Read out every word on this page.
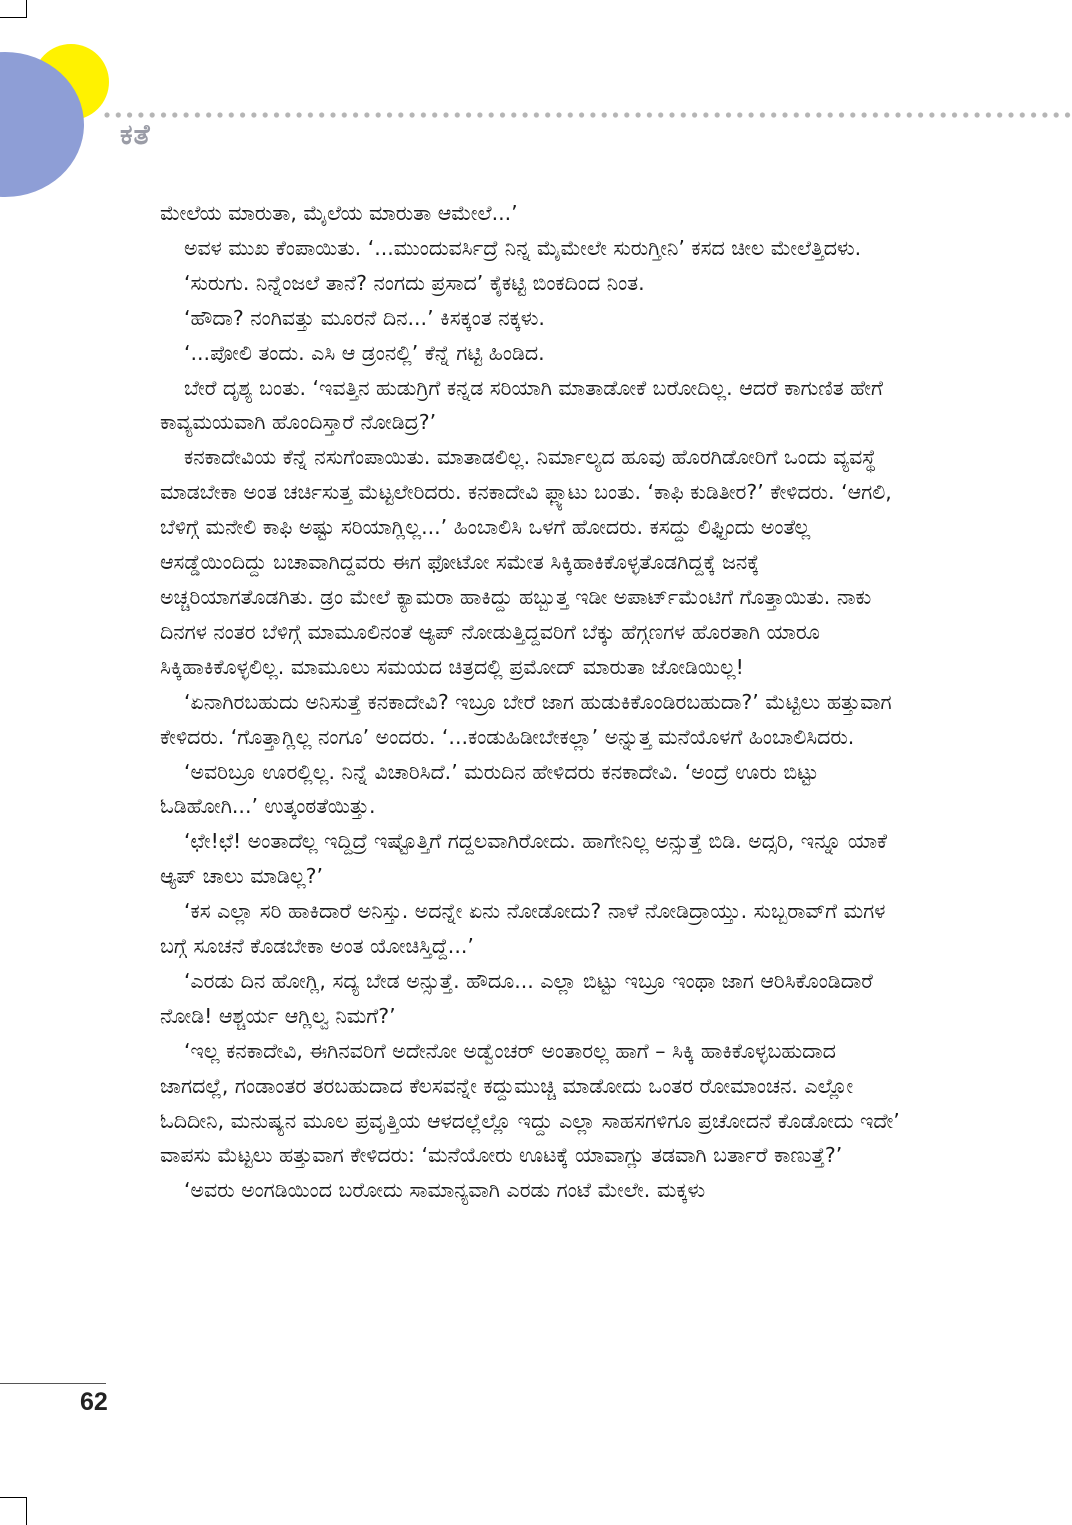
ಕತೆ

ಮೇಲೆಯ ಮಾರುತಾ, ಮೈಲೆಯ ಮಾರುತಾ ಆಮೇಲೆ...’

ಅವಳ ಮುಖ ಕೆಂಪಾಯಿತು. ‘...ಮುಂದುವರ್ಸಿದ್ರೆ ನಿನ್ನ ಮೈಮೇಲೇ ಸುರುಗ್ತೀನಿ’ ಕಸದ ಚೀಲ ಮೇಲೆತ್ತಿದಳು.

‘ಸುರುಗು. ನಿನ್ನೆಂಜಲೆ ತಾನೆ? ನಂಗದು ಪ್ರಸಾದ’ ಕೈಕಟ್ಟಿ ಬಿಂಕದಿಂದ ನಿಂತ.

‘ಹೌದಾ? ನಂಗಿವತ್ತು ಮೂರನೆ ದಿನ...’ ಕಿಸಕ್ಕಂತ ನಕ್ಕಳು.

‘...ಪೋಲಿ ತಂದು. ಎಸಿ ಆ ಡ್ರಂನಲ್ಲಿ’ ಕೆನ್ನೆ ಗಟ್ಟಿ ಹಿಂಡಿದ.

ಬೇರೆ ದೃಶ್ಯ ಬಂತು. ‘ಇವತ್ತಿನ ಹುಡುಗ್ರಿಗೆ ಕನ್ನಡ ಸರಿಯಾಗಿ ಮಾತಾಡೋಕೆ ಬರೋದಿಲ್ಲ. ಆದರೆ ಕಾಗುಣಿತ ಹೇಗೆ ಕಾವ್ಯಮಯವಾಗಿ ಹೊಂದಿಸ್ತಾರೆ ನೋಡಿದ್ರ?’

ಕನಕಾದೇವಿಯ ಕೆನ್ನೆ ನಸುಗೆಂಪಾಯಿತು. ಮಾತಾಡಲಿಲ್ಲ. ನಿರ್ಮಾಲ್ಯದ ಹೂವು ಹೊರಗಿಡೋರಿಗೆ ಒಂದು ವ್ಯವಸ್ಥೆ ಮಾಡಬೇಕಾ ಅಂತ ಚರ್ಚಿಸುತ್ತ ಮೆಟ್ಟಲೇರಿದರು. ಕನಕಾದೇವಿ ಫ್ಲ್ಯಾಟು ಬಂತು. ‘ಕಾಫಿ ಕುಡಿತೀರ?’ ಕೇಳಿದರು. ‘ಆಗಲಿ, ಬೆಳಿಗ್ಗೆ ಮನೇಲಿ ಕಾಫಿ ಅಷ್ಟು ಸರಿಯಾಗ್ಲಿಲ್ಲ...’ ಹಿಂಬಾಲಿಸಿ ಒಳಗೆ ಹೋದರು. ಕಸದ್ದು ಲಿಫ್ಟಿಂದು ಅಂತೆಲ್ಲ ಆಸಡ್ಡೆಯಿಂದಿದ್ದು ಬಚಾವಾಗಿದ್ದವರು ಈಗ ಫೋಟೋ ಸಮೇತ ಸಿಕ್ಕಿಹಾಕಿಕೊಳ್ಳತೊಡಗಿದ್ದಕ್ಕೆ ಜನಕ್ಕೆ ಅಚ್ಚರಿಯಾಗತೊಡಗಿತು. ಡ್ರಂ ಮೇಲೆ ಕ್ಯಾಮರಾ ಹಾಕಿದ್ದು ಹಬ್ಬುತ್ತ ಇಡೀ ಅಪಾರ್ಟ್‌ಮೆಂಟಿಗೆ ಗೊತ್ತಾಯಿತು. ನಾಕು ದಿನಗಳ ನಂತರ ಬೆಳಿಗ್ಗೆ ಮಾಮೂಲಿನಂತೆ ಆ್ಯಪ್ ನೋಡುತ್ತಿದ್ದವರಿಗೆ ಬೆಕ್ಕು ಹೆಗ್ಗಣಗಳ ಹೊರತಾಗಿ ಯಾರೂ ಸಿಕ್ಕಿಹಾಕಿಕೊಳ್ಳಲಿಲ್ಲ. ಮಾಮೂಲು ಸಮಯದ ಚಿತ್ರದಲ್ಲಿ ಪ್ರಮೋದ್ ಮಾರುತಾ ಜೋಡಿಯಿಲ್ಲ!

‘ಏನಾಗಿರಬಹುದು ಅನಿಸುತ್ತೆ ಕನಕಾದೇವಿ? ಇಬ್ರೂ ಬೇರೆ ಜಾಗ ಹುಡುಕಿಕೊಂಡಿರಬಹುದಾ?’ ಮೆಟ್ಟಿಲು ಹತ್ತುವಾಗ ಕೇಳಿದರು. ‘ಗೊತ್ತಾಗ್ಲಿಲ್ಲ ನಂಗೂ’ ಅಂದರು. ‘...ಕಂಡುಹಿಡೀಬೇಕಲ್ಲಾ’ ಅನ್ನುತ್ತ ಮನೆಯೊಳಗೆ ಹಿಂಬಾಲಿಸಿದರು.

‘ಅವರಿಬ್ರೂ ಊರಲ್ಲಿಲ್ಲ. ನಿನ್ನೆ ವಿಚಾರಿಸಿದೆ.’ ಮರುದಿನ ಹೇಳಿದರು ಕನಕಾದೇವಿ. ‘ಅಂದ್ರೆ ಊರು ಬಿಟ್ಟು ಓಡಿಹೋಗಿ...’ ಉತ್ಕಂಠತೆಯಿತ್ತು.

‘ಛೇ!ಛೆ! ಅಂತಾದೆಲ್ಲ ಇದ್ದಿದ್ರೆ ಇಷ್ಟೊತ್ತಿಗೆ ಗದ್ದಲವಾಗಿರೋದು. ಹಾಗೇನಿಲ್ಲ ಅನ್ಸುತ್ತೆ ಬಿಡಿ. ಅದ್ಸರಿ, ಇನ್ನೂ ಯಾಕೆ ಆ್ಯಪ್ ಚಾಲು ಮಾಡಿಲ್ಲ?’

‘ಕಸ ಎಲ್ಲಾ ಸರಿ ಹಾಕಿದಾರೆ ಅನಿಸ್ತು. ಅದನ್ನೇ ಏನು ನೋಡೋದು? ನಾಳೆ ನೋಡಿದ್ರಾಯ್ತು. ಸುಬ್ಬರಾವ್‌ಗೆ ಮಗಳ ಬಗ್ಗೆ ಸೂಚನೆ ಕೊಡಬೇಕಾ ಅಂತ ಯೋಚಿಸ್ತಿದ್ದೆ...’

‘ಎರಡು ದಿನ ಹೋಗ್ಲಿ, ಸದ್ಯ ಬೇಡ ಅನ್ಸುತ್ತೆ. ಹೌದೂ... ಎಲ್ಲಾ ಬಿಟ್ಟು ಇಬ್ರೂ ಇಂಥಾ ಜಾಗ ಆರಿಸಿಕೊಂಡಿದಾರೆ ನೋಡಿ! ಆಶ್ಚರ್ಯ ಆಗ್ಲಿಲ್ವ ನಿಮಗೆ?’

‘ಇಲ್ಲ ಕನಕಾದೇವಿ, ಈಗಿನವರಿಗೆ ಅದೇನೋ ಅಡ್ವೆಂಚರ್ ಅಂತಾರಲ್ಲ ಹಾಗೆ – ಸಿಕ್ಕಿ ಹಾಕಿಕೊಳ್ಳಬಹುದಾದ ಜಾಗದಲ್ಲೆ, ಗಂಡಾಂತರ ತರಬಹುದಾದ ಕೆಲಸವನ್ನೇ ಕದ್ದುಮುಚ್ಚಿ ಮಾಡೋದು ಒಂತರ ರೋಮಾಂಚನ. ಎಲ್ಲೋ ಓದಿದೀನಿ, ಮನುಷ್ಯನ ಮೂಲ ಪ್ರವೃತ್ತಿಯ ಆಳದಲ್ಲೆಲ್ಲೊ ಇದ್ದು ಎಲ್ಲಾ ಸಾಹಸಗಳಿಗೂ ಪ್ರಚೋದನೆ ಕೊಡೋದು ಇದೇ’ ವಾಪಸು ಮೆಟ್ಟಲು ಹತ್ತುವಾಗ ಕೇಳಿದರು: ‘ಮನೆಯೋರು ಊಟಕ್ಕೆ ಯಾವಾಗ್ಲು ತಡವಾಗಿ ಬರ್ತಾರೆ ಕಾಣುತ್ತೆ?’

‘ಅವರು ಅಂಗಡಿಯಿಂದ ಬರೋದು ಸಾಮಾನ್ಯವಾಗಿ ಎರಡು ಗಂಟೆ ಮೇಲೇ. ಮಕ್ಕಳು

62
